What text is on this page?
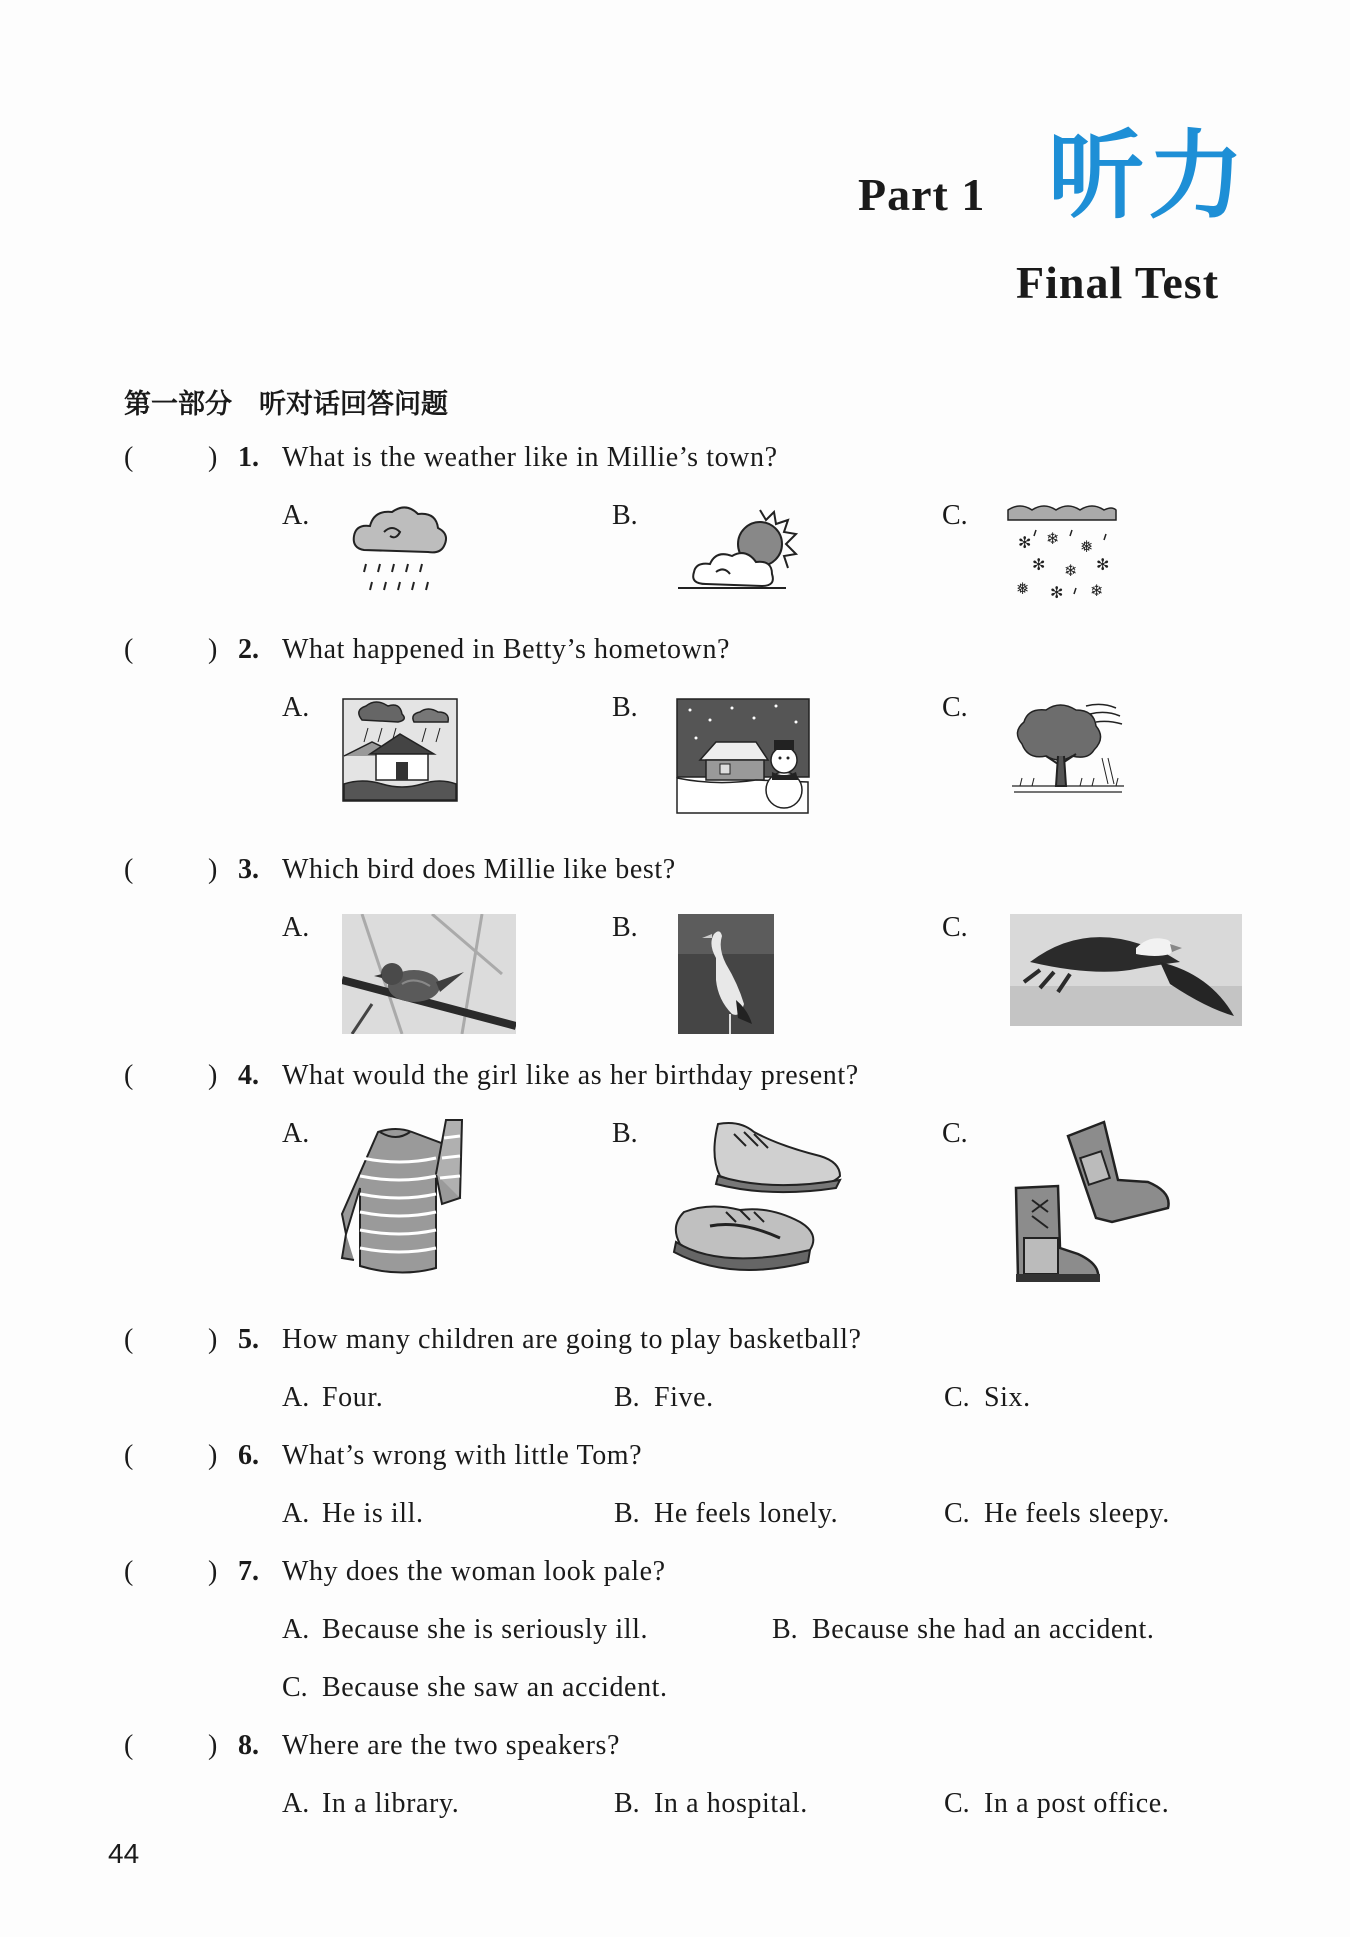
Part 1 听力
Final Test
第一部分　听对话回答问题
(	) 1. What is the weather like in Millie’s town?
A.	B.	C.
✻ ❄ ❅
✻ ❄ ✻
❅ ✻ ❄
(	) 2. What happened in Betty’s hometown?
A.	B.	C.
(	) 3. Which bird does Millie like best?
A.	B.	C.
(	) 4. What would the girl like as her birthday present?
A.	B.	C.
(	) 5. How many children are going to play basketball?
A. Four.	B. Five.	C. Six.
(	) 6. What’s wrong with little Tom?
A. He is ill.	B. He feels lonely.	C. He feels sleepy.
(	) 7. Why does the woman look pale?
A. Because she is seriously ill.	B. Because she had an accident.
C. Because she saw an accident.
(	) 8. Where are the two speakers?
A. In a library.	B. In a hospital.	C. In a post office.
44
